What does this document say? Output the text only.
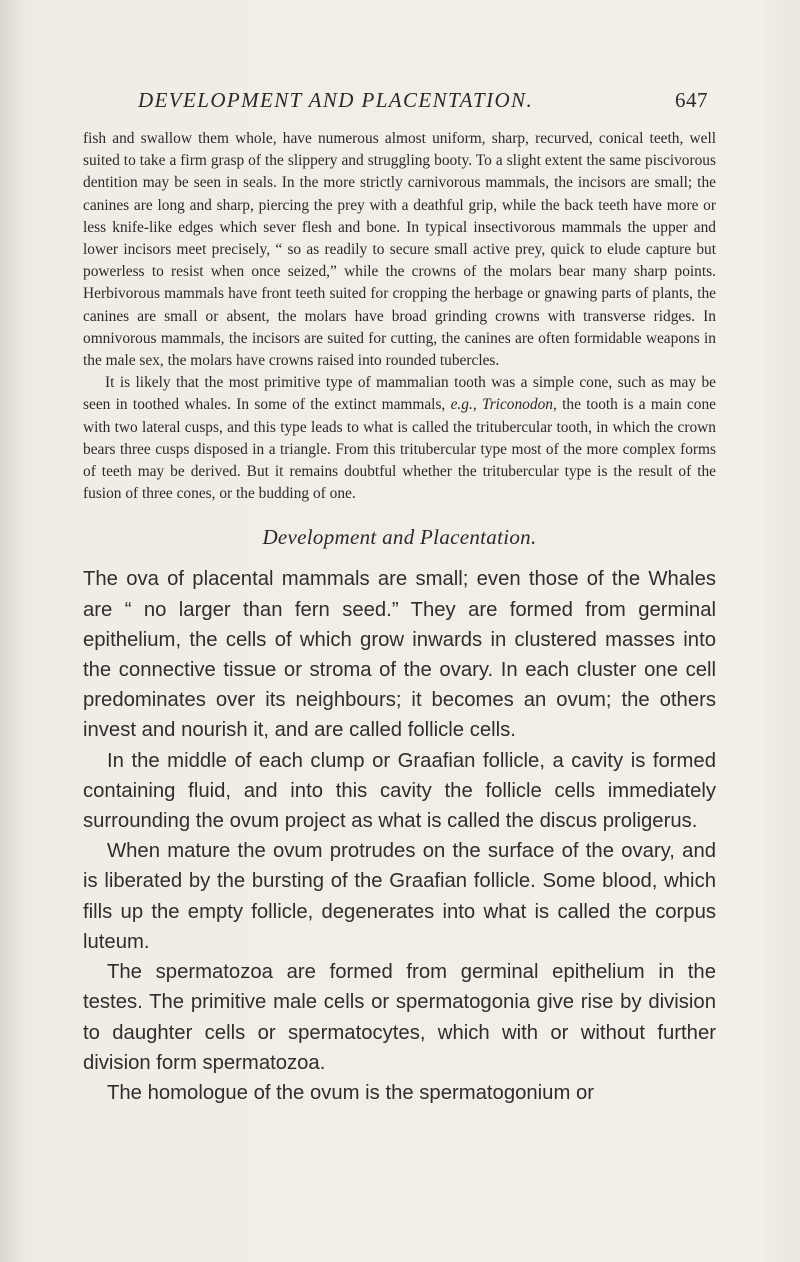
DEVELOPMENT AND PLACENTATION.	647

fish and swallow them whole, have numerous almost uniform, sharp, recurved, conical teeth, well suited to take a firm grasp of the slippery and struggling booty. To a slight extent the same piscivorous dentition may be seen in seals. In the more strictly carnivorous mammals, the incisors are small; the canines are long and sharp, piercing the prey with a deathful grip, while the back teeth have more or less knife-like edges which sever flesh and bone. In typical insectivorous mammals the upper and lower incisors meet precisely, “ so as readily to secure small active prey, quick to elude capture but powerless to resist when once seized,” while the crowns of the molars bear many sharp points. Herbivorous mammals have front teeth suited for cropping the herbage or gnawing parts of plants, the canines are small or absent, the molars have broad grinding crowns with transverse ridges. In omnivorous mammals, the incisors are suited for cutting, the canines are often formidable weapons in the male sex, the molars have crowns raised into rounded tubercles.

It is likely that the most primitive type of mammalian tooth was a simple cone, such as may be seen in toothed whales. In some of the extinct mammals, e.g., Triconodon, the tooth is a main cone with two lateral cusps, and this type leads to what is called the tritubercular tooth, in which the crown bears three cusps disposed in a triangle. From this tritubercular type most of the more complex forms of teeth may be derived. But it remains doubtful whether the tritubercular type is the result of the fusion of three cones, or the budding of one.

Development and Placentation.

The ova of placental mammals are small; even those of the Whales are “ no larger than fern seed.” They are formed from germinal epithelium, the cells of which grow inwards in clustered masses into the connective tissue or stroma of the ovary. In each cluster one cell predominates over its neighbours; it becomes an ovum; the others invest and nourish it, and are called follicle cells.

In the middle of each clump or Graafian follicle, a cavity is formed containing fluid, and into this cavity the follicle cells immediately surrounding the ovum project as what is called the discus proligerus.

When mature the ovum protrudes on the surface of the ovary, and is liberated by the bursting of the Graafian follicle. Some blood, which fills up the empty follicle, degenerates into what is called the corpus luteum.

The spermatozoa are formed from germinal epithelium in the testes. The primitive male cells or spermatogonia give rise by division to daughter cells or spermatocytes, which with or without further division form spermatozoa.

The homologue of the ovum is the spermatogonium or
